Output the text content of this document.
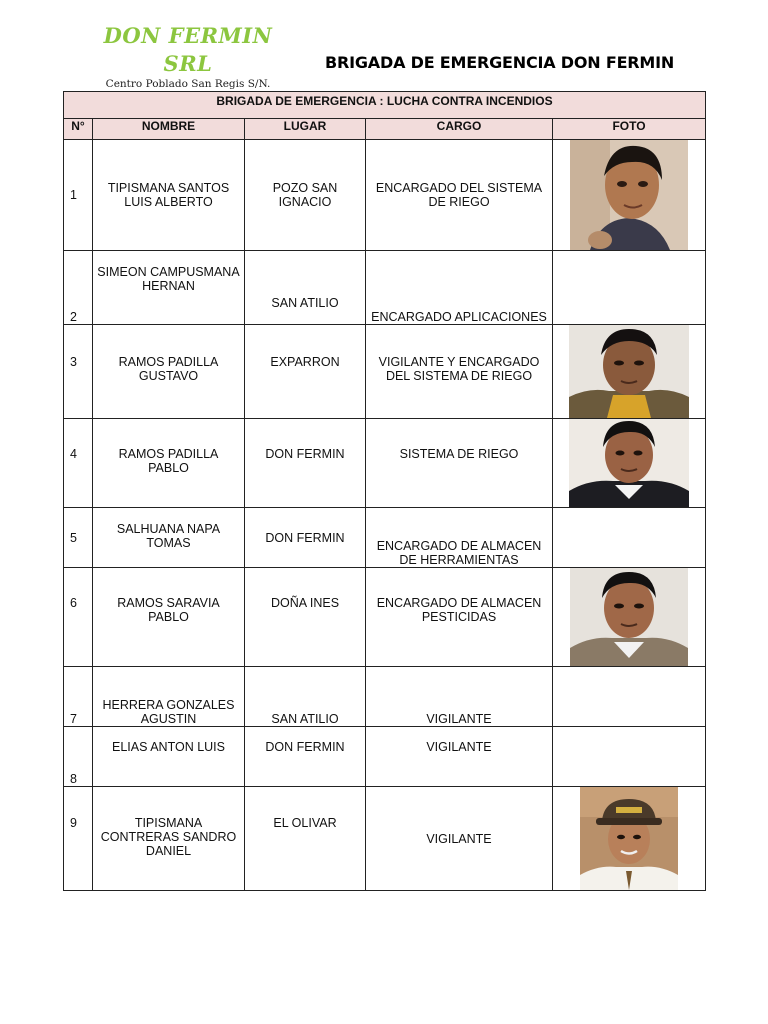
DON FERMIN SRL
Centro Poblado San Regis S/N.
BRIGADA DE EMERGENCIA DON FERMIN
BRIGADA DE EMERGENCIA : LUCHA CONTRA INCENDIOS				
N°	NOMBRE	LUGAR	CARGO	FOTO
1	TIPISMANA SANTOS LUIS ALBERTO	POZO SAN IGNACIO	ENCARGADO DEL SISTEMA DE RIEGO	

2	SIMEON CAMPUSMANA HERNAN	SAN ATILIO	ENCARGADO APLICACIONES	
3	RAMOS PADILLA GUSTAVO	EXPARRON	VIGILANTE Y ENCARGADO DEL SISTEMA DE RIEGO	

4	RAMOS PADILLA PABLO	DON FERMIN	SISTEMA DE RIEGO	

5	SALHUANA NAPA TOMAS	DON FERMIN	ENCARGADO DE ALMACEN DE HERRAMIENTAS	
6	RAMOS SARAVIA PABLO	DOÑA INES	ENCARGADO DE ALMACEN PESTICIDAS	

7	HERRERA GONZALES AGUSTIN	SAN ATILIO	VIGILANTE	
8	ELIAS ANTON LUIS	DON FERMIN	VIGILANTE	
9	TIPISMANA CONTRERAS SANDRO DANIEL	EL OLIVAR	VIGILANTE	
